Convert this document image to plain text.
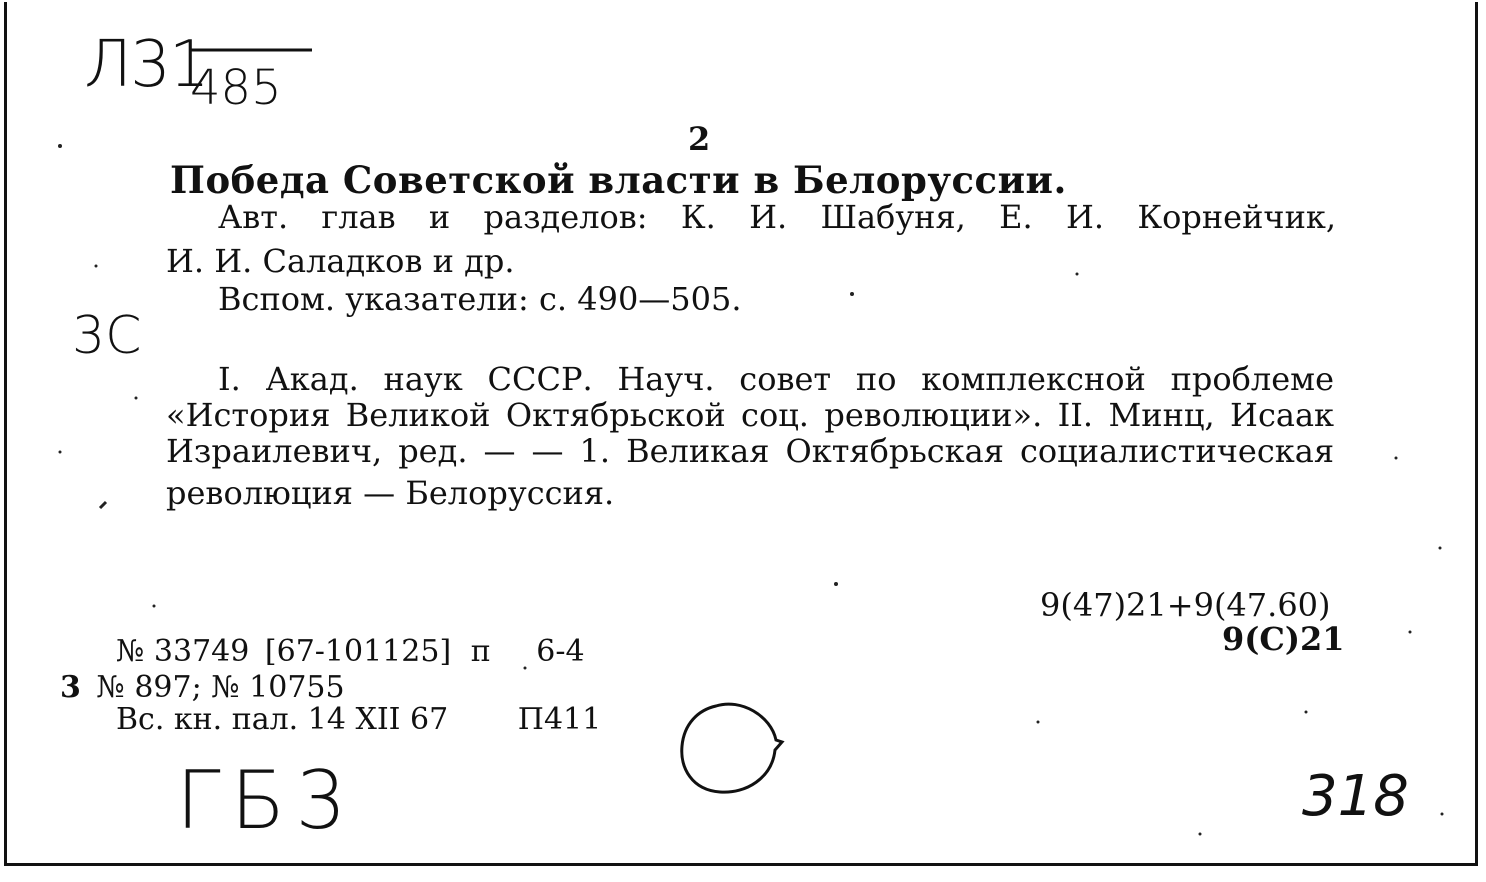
Л31
485
2
Победа Советской власти в Белоруссии.
Авт. глав и разделов: К. И. Шабуня, Е. И. Корнейчик,
И. И. Саладков и др.
Вспом. указатели: с. 490—505.
3С
I. Акад. наук СССР. Науч. совет по комплексной проблеме
«История Великой Октябрьской соц. революции». II. Минц, Исаак
Израилевич, ред. — — 1. Великая Октябрьская социалистическая
революция — Белоруссия.
9(47)21+9(47.60)
9(С)21
№ 33749 [67-101125] п 6-4
3 № 897; № 10755
Вс. кн. пал. 14 XII 67 П411
ГБ3	318
